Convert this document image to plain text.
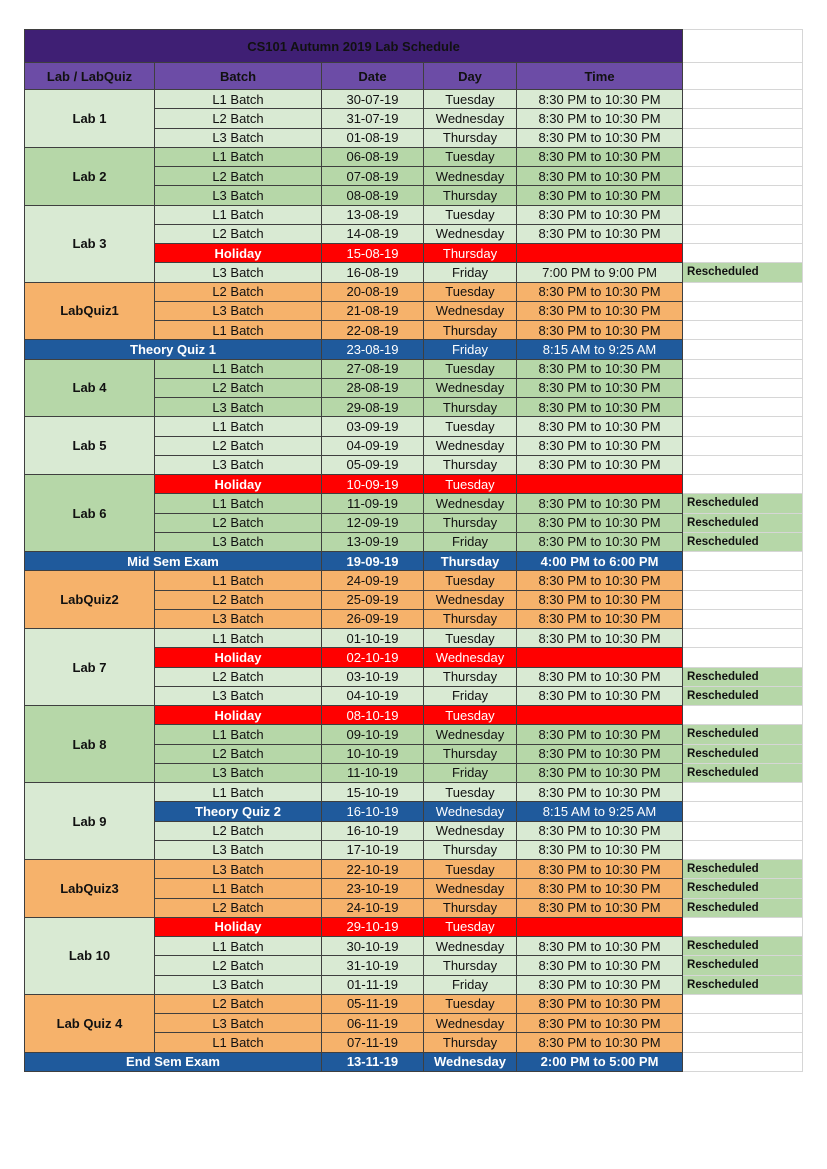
CS101 Autumn 2019 Lab Schedule					
Lab / LabQuiz	Batch	Date	Day	Time	
Lab 1	L1 Batch	30-07-19	Tuesday	8:30 PM to 10:30 PM	
	L2 Batch	31-07-19	Wednesday	8:30 PM to 10:30 PM	
	L3 Batch	01-08-19	Thursday	8:30 PM to 10:30 PM	
Lab 2	L1 Batch	06-08-19	Tuesday	8:30 PM to 10:30 PM	
	L2 Batch	07-08-19	Wednesday	8:30 PM to 10:30 PM	
	L3 Batch	08-08-19	Thursday	8:30 PM to 10:30 PM	
Lab 3	L1 Batch	13-08-19	Tuesday	8:30 PM to 10:30 PM	
	L2 Batch	14-08-19	Wednesday	8:30 PM to 10:30 PM	
	Holiday	15-08-19	Thursday		
	L3 Batch	16-08-19	Friday	7:00 PM to 9:00 PM	Rescheduled
LabQuiz1	L2 Batch	20-08-19	Tuesday	8:30 PM to 10:30 PM	
	L3 Batch	21-08-19	Wednesday	8:30 PM to 10:30 PM	
	L1 Batch	22-08-19	Thursday	8:30 PM to 10:30 PM	
Theory Quiz 1		23-08-19	Friday	8:15 AM to 9:25 AM	
Lab 4	L1 Batch	27-08-19	Tuesday	8:30 PM to 10:30 PM	
	L2 Batch	28-08-19	Wednesday	8:30 PM to 10:30 PM	
	L3 Batch	29-08-19	Thursday	8:30 PM to 10:30 PM	
Lab 5	L1 Batch	03-09-19	Tuesday	8:30 PM to 10:30 PM	
	L2 Batch	04-09-19	Wednesday	8:30 PM to 10:30 PM	
	L3 Batch	05-09-19	Thursday	8:30 PM to 10:30 PM	
Lab 6	Holiday	10-09-19	Tuesday		
	L1 Batch	11-09-19	Wednesday	8:30 PM to 10:30 PM	Rescheduled
	L2 Batch	12-09-19	Thursday	8:30 PM to 10:30 PM	Rescheduled
	L3 Batch	13-09-19	Friday	8:30 PM to 10:30 PM	Rescheduled
Mid Sem Exam		19-09-19	Thursday	4:00 PM to 6:00 PM	
LabQuiz2	L1 Batch	24-09-19	Tuesday	8:30 PM to 10:30 PM	
	L2 Batch	25-09-19	Wednesday	8:30 PM to 10:30 PM	
	L3 Batch	26-09-19	Thursday	8:30 PM to 10:30 PM	
Lab 7	L1 Batch	01-10-19	Tuesday	8:30 PM to 10:30 PM	
	Holiday	02-10-19	Wednesday		
	L2 Batch	03-10-19	Thursday	8:30 PM to 10:30 PM	Rescheduled
	L3 Batch	04-10-19	Friday	8:30 PM to 10:30 PM	Rescheduled
Lab 8	Holiday	08-10-19	Tuesday		
	L1 Batch	09-10-19	Wednesday	8:30 PM to 10:30 PM	Rescheduled
	L2 Batch	10-10-19	Thursday	8:30 PM to 10:30 PM	Rescheduled
	L3 Batch	11-10-19	Friday	8:30 PM to 10:30 PM	Rescheduled
Lab 9	L1 Batch	15-10-19	Tuesday	8:30 PM to 10:30 PM	
	Theory Quiz 2	16-10-19	Wednesday	8:15 AM to 9:25 AM	
	L2 Batch	16-10-19	Wednesday	8:30 PM to 10:30 PM	
	L3 Batch	17-10-19	Thursday	8:30 PM to 10:30 PM	
LabQuiz3	L3 Batch	22-10-19	Tuesday	8:30 PM to 10:30 PM	Rescheduled
	L1 Batch	23-10-19	Wednesday	8:30 PM to 10:30 PM	Rescheduled
	L2 Batch	24-10-19	Thursday	8:30 PM to 10:30 PM	Rescheduled
Lab 10	Holiday	29-10-19	Tuesday		
	L1 Batch	30-10-19	Wednesday	8:30 PM to 10:30 PM	Rescheduled
	L2 Batch	31-10-19	Thursday	8:30 PM to 10:30 PM	Rescheduled
	L3 Batch	01-11-19	Friday	8:30 PM to 10:30 PM	Rescheduled
Lab Quiz 4	L2 Batch	05-11-19	Tuesday	8:30 PM to 10:30 PM	
	L3 Batch	06-11-19	Wednesday	8:30 PM to 10:30 PM	
	L1 Batch	07-11-19	Thursday	8:30 PM to 10:30 PM	
End Sem Exam		13-11-19	Wednesday	2:00 PM to 5:00 PM	
